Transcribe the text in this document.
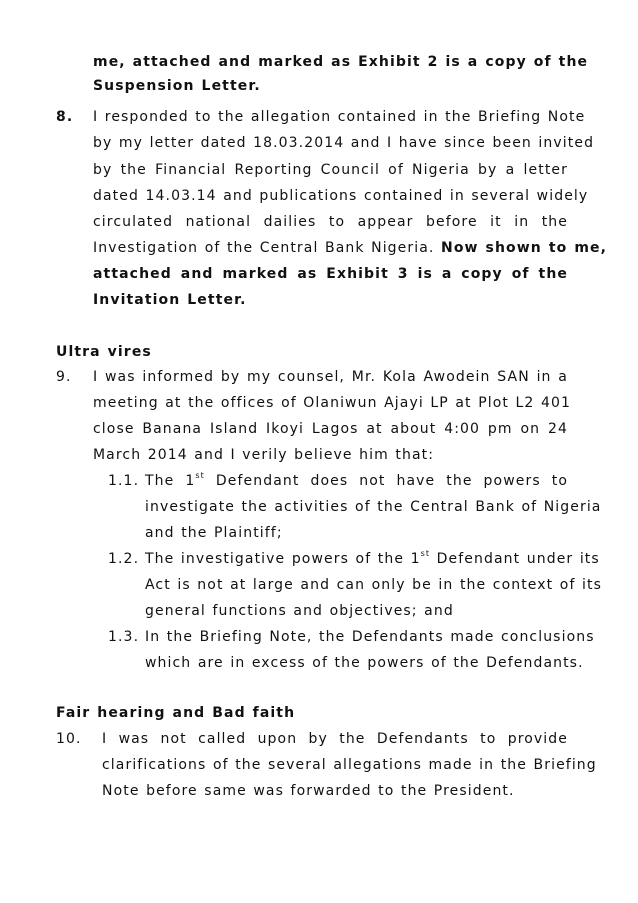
me, attached and marked as Exhibit 2 is a copy of the
Suspension Letter.
8. I responded to the allegation contained in the Briefing Note
by my letter dated 18.03.2014 and I have since been invited
by the Financial Reporting Council of Nigeria by a letter
dated 14.03.14 and publications contained in several widely
circulated national dailies to appear before it in the
Investigation of the Central Bank Nigeria. Now shown to me,
attached and marked as Exhibit 3 is a copy of the
Invitation Letter.
Ultra vires
9. I was informed by my counsel, Mr. Kola Awodein SAN in a
meeting at the offices of Olaniwun Ajayi LP at Plot L2 401
close Banana Island Ikoyi Lagos at about 4:00 pm on 24
March 2014 and I verily believe him that:
1.1. The 1st Defendant does not have the powers to
investigate the activities of the Central Bank of Nigeria
and the Plaintiff;
1.2. The investigative powers of the 1st Defendant under its
Act is not at large and can only be in the context of its
general functions and objectives; and
1.3. In the Briefing Note, the Defendants made conclusions
which are in excess of the powers of the Defendants.
Fair hearing and Bad faith
10. I was not called upon by the Defendants to provide
clarifications of the several allegations made in the Briefing
Note before same was forwarded to the President.
